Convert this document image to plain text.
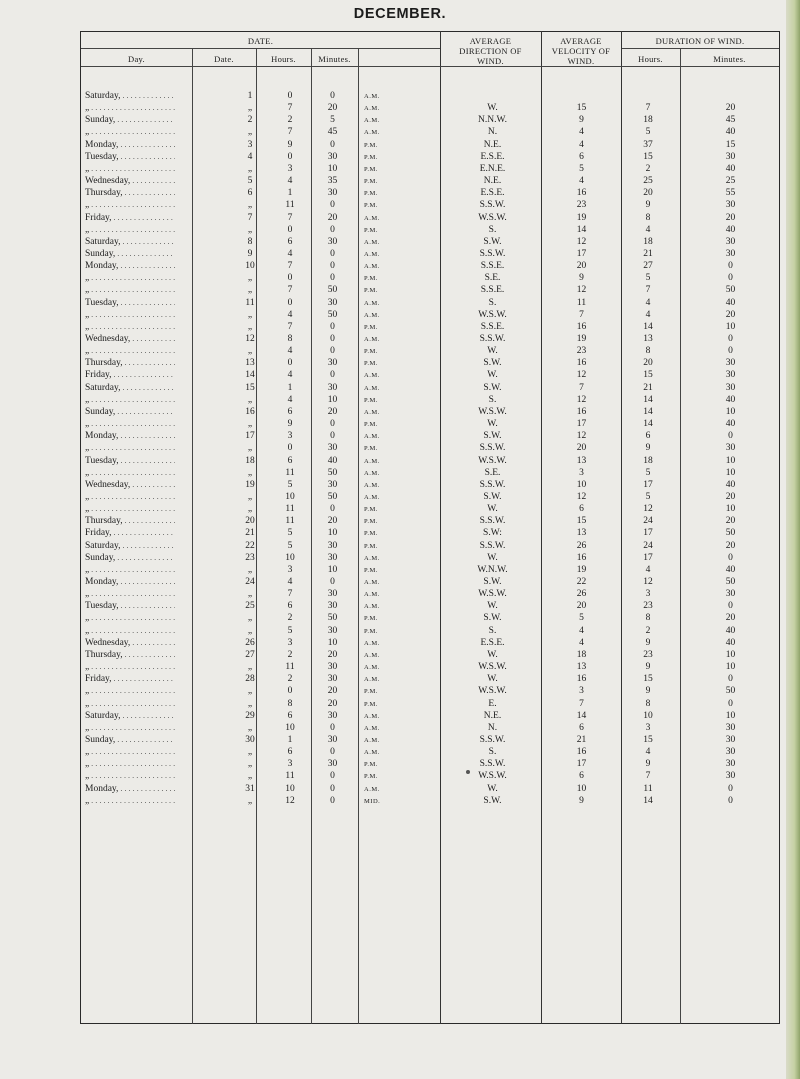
DECEMBER.
DATE.
Day.	Date.	Hours.	Minutes.
AVERAGE
DIRECTION OF
WIND.
AVERAGE
VELOCITY OF
WIND.
DURATION OF WIND.
Hours.	Minutes.
Saturday, . . .	1	0	0	A.M.
„ . . .	„	7	20	A.M.	W.	15	7	20
Sunday, . . .	2	2	5	A.M.	N.N.W.	9	18	45
„ . . .	„	7	45	A.M.	N.	4	5	40
Monday, . . .	3	9	0	P.M.	N.E.	4	37	15
Tuesday, . . .	4	0	30	P.M.	E.S.E.	6	15	30
„ . . .	„	3	10	P.M.	E.N.E.	5	2	40
Wednesday, . . .	5	4	35	P.M.	N.E.	4	25	25
Thursday, . . .	6	1	30	P.M.	E.S.E.	16	20	55
„ . . .	„	11	0	P.M.	S.S.W.	23	9	30
Friday, . . .	7	7	20	A.M.	W.S.W.	19	8	20
„ . . .	„	0	0	P.M.	S.	14	4	40
Saturday, . . .	8	6	30	A.M.	S.W.	12	18	30
Sunday, . . .	9	4	0	A.M.	S.S.W.	17	21	30
Monday, . . .	10	7	0	A.M.	S.S.E.	20	27	0
„ . . .	„	0	0	P.M.	S.E.	9	5	0
„ . . .	„	7	50	P.M.	S.S.E.	12	7	50
Tuesday, . . .	11	0	30	A.M.	S.	11	4	40
„ . . .	„	4	50	A.M.	W.S.W.	7	4	20
„ . . .	„	7	0	P.M.	S.S.E.	16	14	10
Wednesday, . . .	12	8	0	A.M.	S.S.W.	19	13	0
„ . . .	„	4	0	P.M.	W.	23	8	0
Thursday, . . .	13	0	30	P.M.	S.W.	16	20	30
Friday, . . .	14	4	0	A.M.	W.	12	15	30
Saturday, . . .	15	1	30	A.M.	S.W.	7	21	30
„ . . .	„	4	10	P.M.	S.	12	14	40
Sunday, . . .	16	6	20	A.M.	W.S.W.	16	14	10
„ . . .	„	9	0	P.M.	W.	17	14	40
Monday, . . .	17	3	0	A.M.	S.W.	12	6	0
„ . . .	„	0	30	P.M.	S.S.W.	20	9	30
Tuesday, . . .	18	6	40	A.M.	W.S.W.	13	18	10
„ . . .	„	11	50	A.M.	S.E.	3	5	10
Wednesday, . . .	19	5	30	A.M.	S.S.W.	10	17	40
„ . . .	„	10	50	A.M.	S.W.	12	5	20
„ . . .	„	11	0	P.M.	W.	6	12	10
Thursday, . . .	20	11	20	P.M.	S.S.W.	15	24	20
Friday, . . .	21	5	10	P.M.	S.W:	13	17	50
Saturday, . . .	22	5	30	P.M.	S.S.W.	26	24	20
Sunday, . . .	23	10	30	A.M.	W.	16	17	0
„ . . .	„	3	10	P.M.	W.N.W.	19	4	40
Monday, . . .	24	4	0	A.M.	S.W.	22	12	50
„ . . .	„	7	30	A.M.	W.S.W.	26	3	30
Tuesday, . . .	25	6	30	A.M.	W.	20	23	0
„ . . .	„	2	50	P.M.	S.W.	5	8	20
„ . . .	„	5	30	P.M.	S.	4	2	40
Wednesday, . . .	26	3	10	A.M.	E.S.E.	4	9	40
Thursday, . . .	27	2	20	A.M.	W.	18	23	10
„ . . .	„	11	30	A.M.	W.S.W.	13	9	10
Friday, . . .	28	2	30	A.M.	W.	16	15	0
„ . . .	„	0	20	P.M.	W.S.W.	3	9	50
„ . . .	„	8	20	P.M.	E.	7	8	0
Saturday, . . .	29	6	30	A.M.	N.E.	14	10	10
„ . . .	„	10	0	A.M.	N.	6	3	30
Sunday, . . .	30	1	30	A.M.	S.S.W.	21	15	30
„ . . .	„	6	0	A.M.	S.	16	4	30
„ . . .	„	3	30	P.M.	S.S.W.	17	9	30
„ . . .	„	11	0	P.M.	W.S.W.	6	7	30
Monday, . . .	31	10	0	A.M.	W.	10	11	0
„ . . .	„	12	0	MID.	S.W.	9	14	0
